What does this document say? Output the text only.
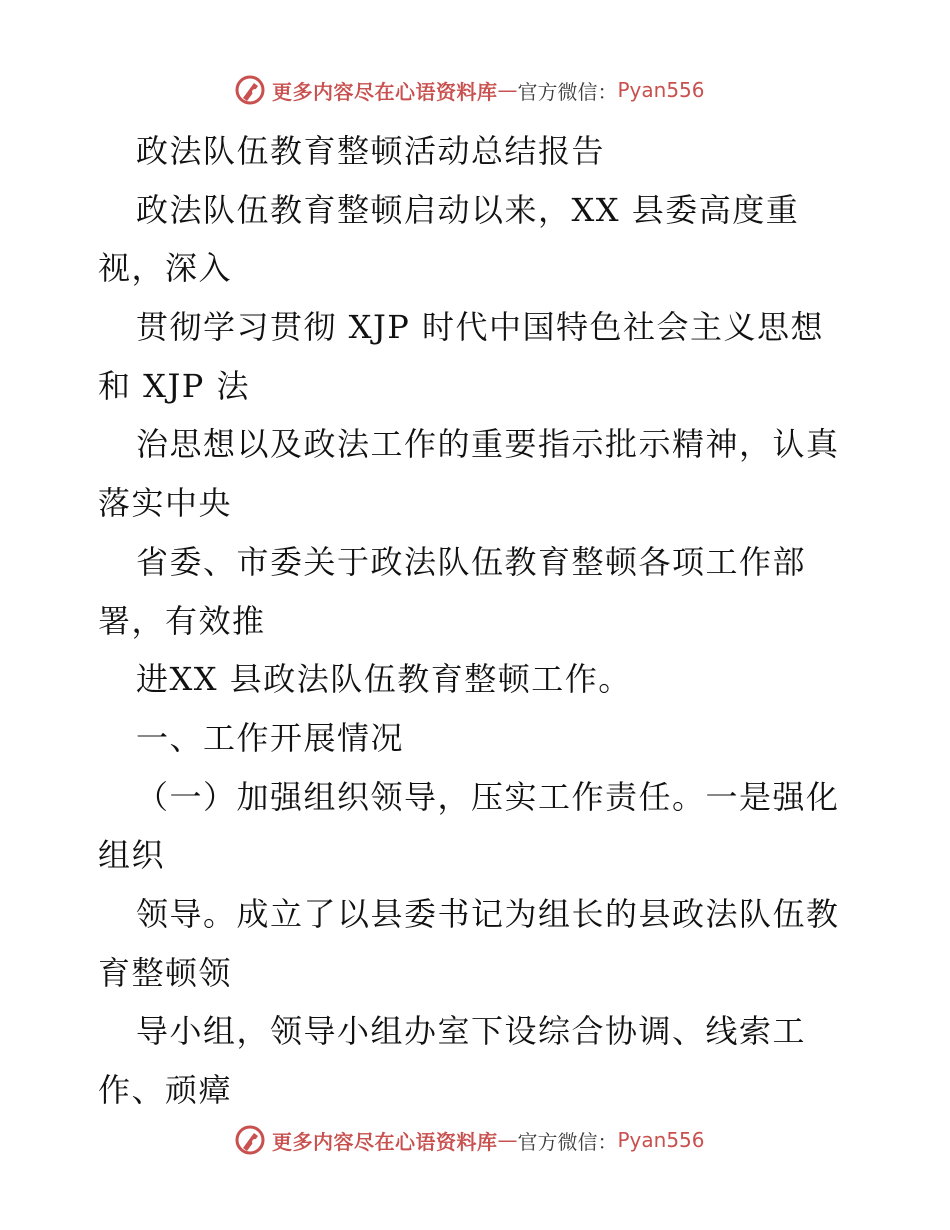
更多内容尽在心语资料库 — 官方微信： Pyan556
政法队伍教育整顿活动总结报告
政法队伍教育整顿启动以来，XX 县委高度重
视，深入
贯彻学习贯彻 XJP 时代中国特色社会主义思想
和 XJP 法
治思想以及政法工作的重要指示批示精神，认真
落实中央
省委、市委关于政法队伍教育整顿各项工作部
署，有效推
进XX 县政法队伍教育整顿工作。
一、工作开展情况
（一）加强组织领导，压实工作责任。一是强化
组织
领导。成立了以县委书记为组长的县政法队伍教
育整顿领
导小组，领导小组办室下设综合协调、线索工
作、顽瘴
更多内容尽在心语资料库 — 官方微信： Pyan556
